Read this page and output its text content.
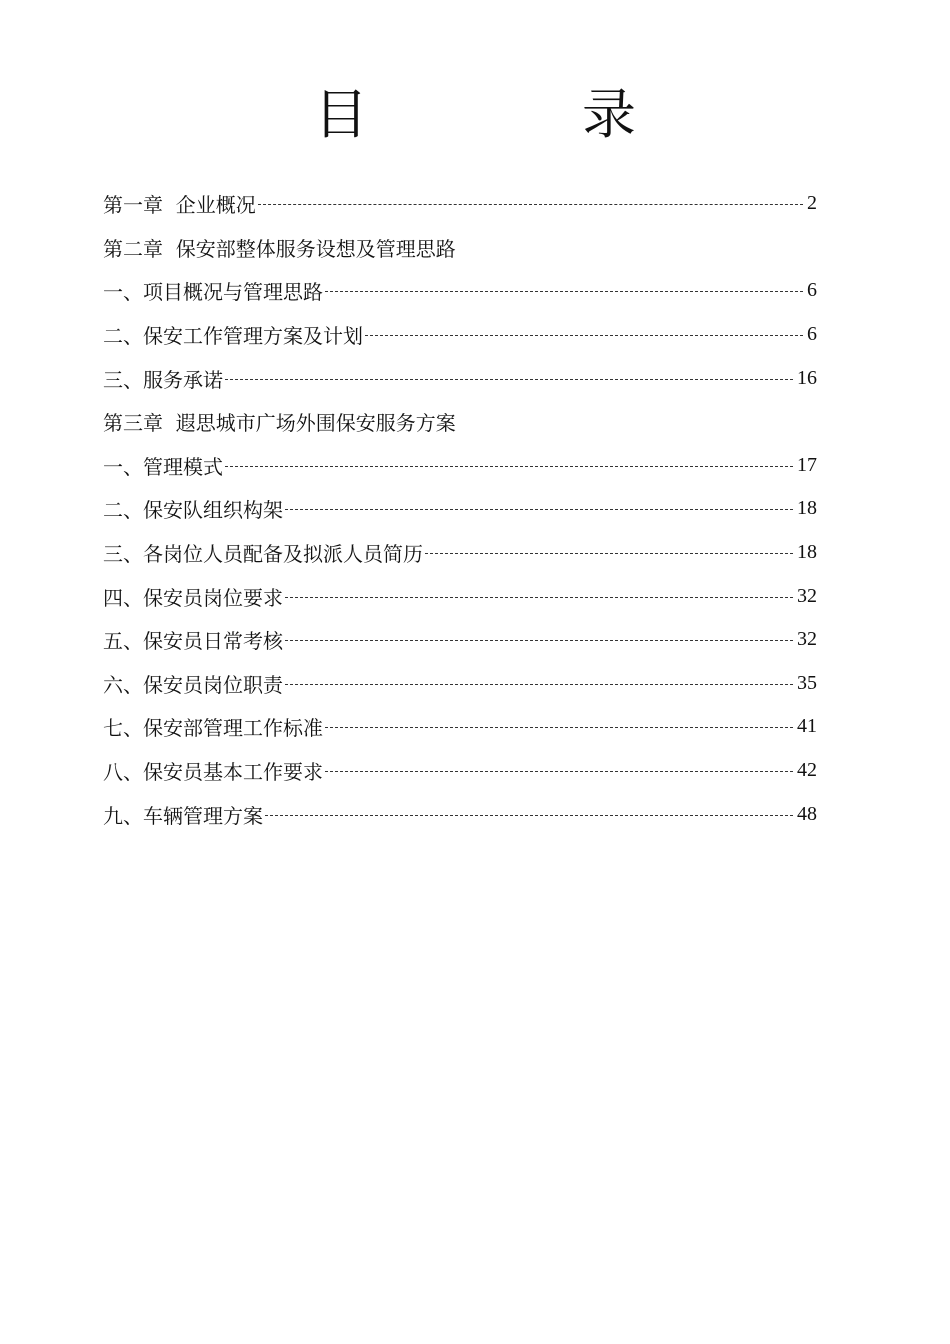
目　录
第一章  企业概况	2
第二章  保安部整体服务设想及管理思路
一、项目概况与管理思路	6
二、保安工作管理方案及计划	6
三、服务承诺	16
第三章  遐思城市广场外围保安服务方案
一、管理模式	17
二、保安队组织构架	18
三、各岗位人员配备及拟派人员简历	18
四、保安员岗位要求	32
五、保安员日常考核	32
六、保安员岗位职责	35
七、保安部管理工作标准	41
八、保安员基本工作要求	42
九、车辆管理方案	48
